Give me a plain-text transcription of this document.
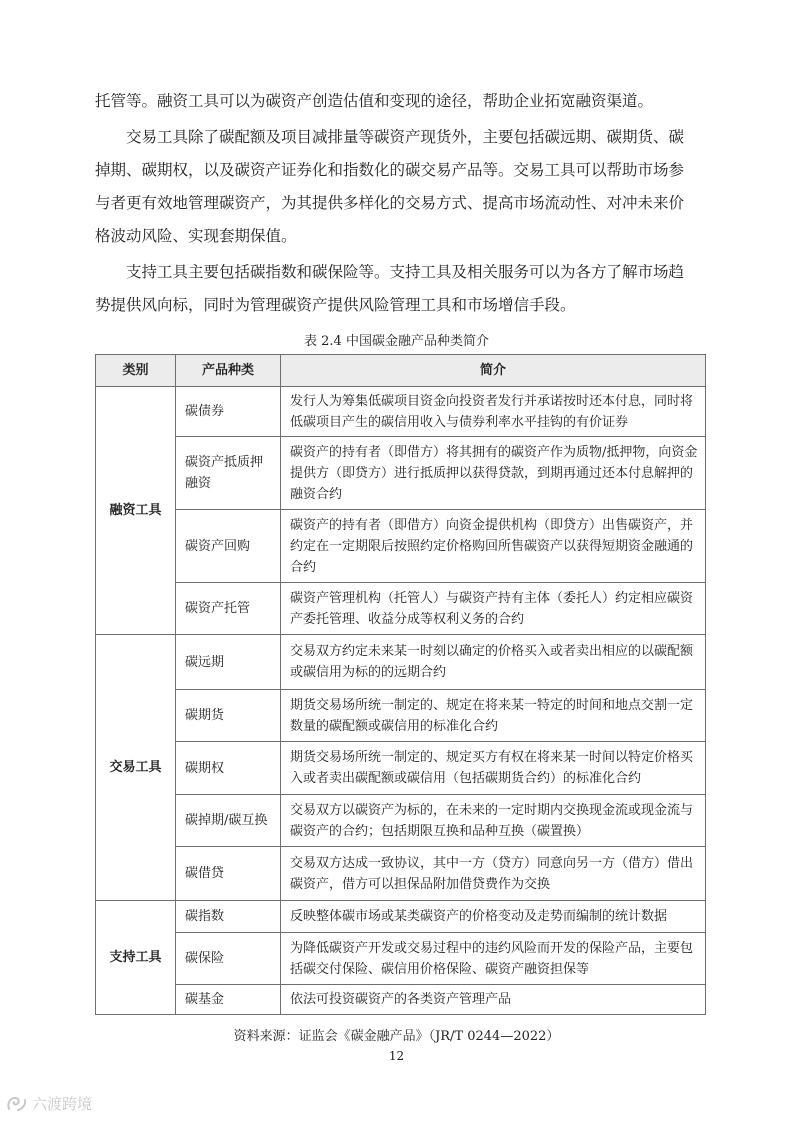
托管等。融资工具可以为碳资产创造估值和变现的途径，帮助企业拓宽融资渠道。

交易工具除了碳配额及项目减排量等碳资产现货外，主要包括碳远期、碳期货、碳掉期、碳期权，以及碳资产证券化和指数化的碳交易产品等。交易工具可以帮助市场参与者更有效地管理碳资产，为其提供多样化的交易方式、提高市场流动性、对冲未来价格波动风险、实现套期保值。

支持工具主要包括碳指数和碳保险等。支持工具及相关服务可以为各方了解市场趋势提供风向标，同时为管理碳资产提供风险管理工具和市场增信手段。

表 2.4 中国碳金融产品种类简介
类别	产品种类	简介
融资工具	碳债券	发行人为筹集低碳项目资金向投资者发行并承诺按时还本付息，同时将低碳项目产生的碳信用收入与债券利率水平挂钩的有价证券
	碳资产抵质押融资	碳资产的持有者（即借方）将其拥有的碳资产作为质物/抵押物，向资金提供方（即贷方）进行抵质押以获得贷款，到期再通过还本付息解押的融资合约
	碳资产回购	碳资产的持有者（即借方）向资金提供机构（即贷方）出售碳资产，并约定在一定期限后按照约定价格购回所售碳资产以获得短期资金融通的合约
	碳资产托管	碳资产管理机构（托管人）与碳资产持有主体（委托人）约定相应碳资产委托管理、收益分成等权利义务的合约
交易工具	碳远期	交易双方约定未来某一时刻以确定的价格买入或者卖出相应的以碳配额或碳信用为标的的远期合约
	碳期货	期货交易场所统一制定的、规定在将来某一特定的时间和地点交割一定数量的碳配额或碳信用的标准化合约
	碳期权	期货交易场所统一制定的、规定买方有权在将来某一时间以特定价格买入或者卖出碳配额或碳信用（包括碳期货合约）的标准化合约
	碳掉期/碳互换	交易双方以碳资产为标的，在未来的一定时期内交换现金流或现金流与碳资产的合约；包括期限互换和品种互换（碳置换）
	碳借贷	交易双方达成一致协议，其中一方（贷方）同意向另一方（借方）借出碳资产，借方可以担保品附加借贷费作为交换
支持工具	碳指数	反映整体碳市场或某类碳资产的价格变动及走势而编制的统计数据
	碳保险	为降低碳资产开发或交易过程中的违约风险而开发的保险产品，主要包括碳交付保险、碳信用价格保险、碳资产融资担保等
	碳基金	依法可投资碳资产的各类资产管理产品
资料来源：证监会《碳金融产品》（JR/T 0244—2022）
12
六渡跨境
